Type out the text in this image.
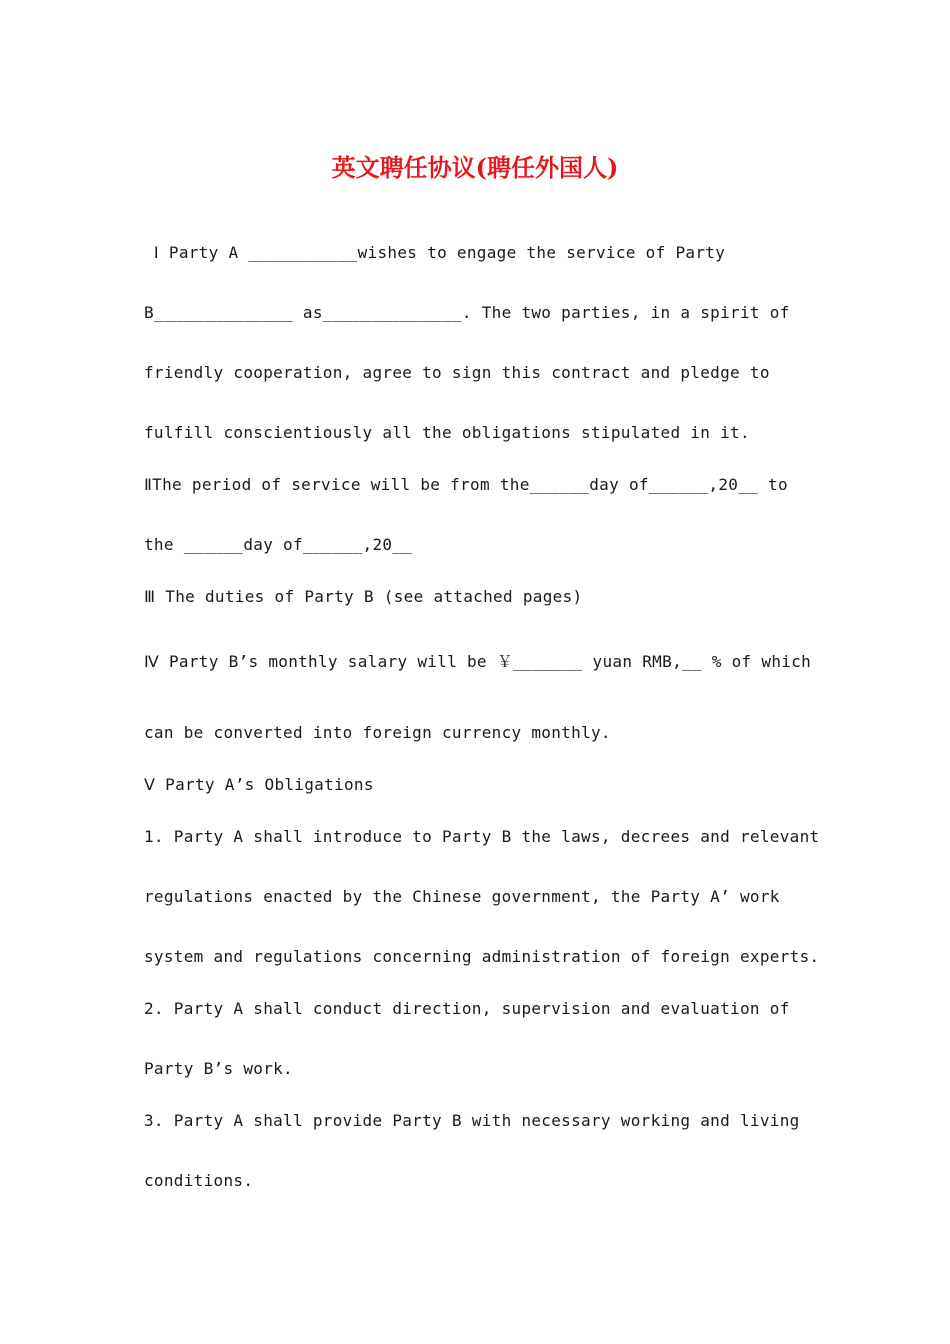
英文聘任协议(聘任外国人)
Ⅰ Party A ___________wishes to engage the service of Party
B______________ as______________. The two parties, in a spirit of
friendly cooperation, agree to sign this contract and pledge to
fulfill conscientiously all the obligations stipulated in it.
ⅡThe period of service will be from the______day of______,20__ to
the ______day of______,20__
Ⅲ The duties of Party B (see attached pages)
Ⅳ Party B’s monthly salary will be ￥_______ yuan RMB,__ % of which
can be converted into foreign currency monthly.
Ⅴ Party A’s Obligations
1. Party A shall introduce to Party B the laws, decrees and relevant
regulations enacted by the Chinese government, the Party A’ work
system and regulations concerning administration of foreign experts.
2. Party A shall conduct direction, supervision and evaluation of
Party B’s work.
3. Party A shall provide Party B with necessary working and living
conditions.
